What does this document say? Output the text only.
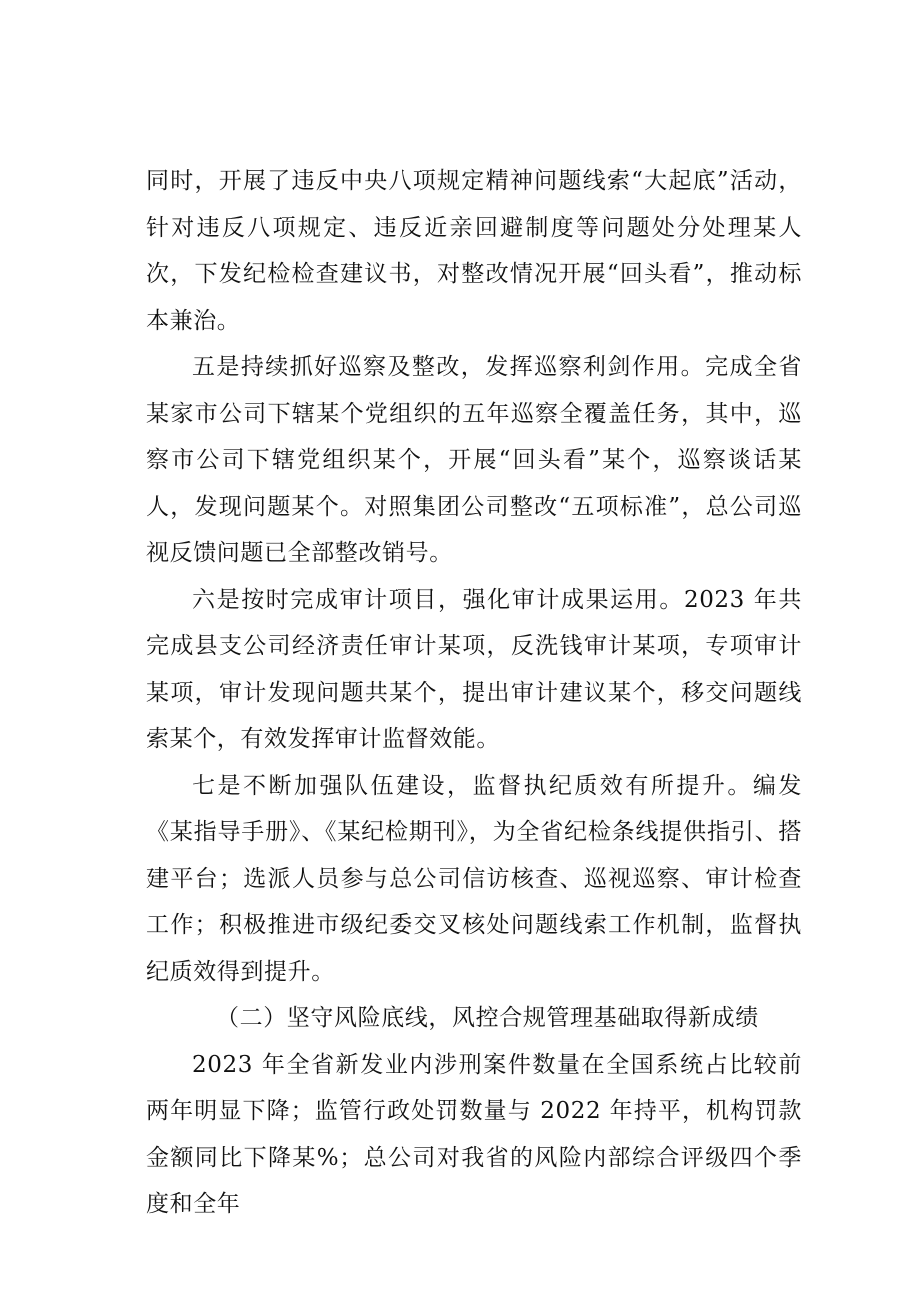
同时，开展了违反中央八项规定精神问题线索“大起底”活动，针对违反八项规定、违反近亲回避制度等问题处分处理某人次，下发纪检检查建议书，对整改情况开展“回头看”，推动标本兼治。

五是持续抓好巡察及整改，发挥巡察利剑作用。完成全省某家市公司下辖某个党组织的五年巡察全覆盖任务，其中，巡察市公司下辖党组织某个，开展“回头看”某个，巡察谈话某人，发现问题某个。对照集团公司整改“五项标准”，总公司巡视反馈问题已全部整改销号。

六是按时完成审计项目，强化审计成果运用。2023 年共完成县支公司经济责任审计某项，反洗钱审计某项，专项审计某项，审计发现问题共某个，提出审计建议某个，移交问题线索某个，有效发挥审计监督效能。

七是不断加强队伍建设，监督执纪质效有所提升。编发《某指导手册》、《某纪检期刊》，为全省纪检条线提供指引、搭建平台；选派人员参与总公司信访核查、巡视巡察、审计检查工作；积极推进市级纪委交叉核处问题线索工作机制，监督执纪质效得到提升。

（二）坚守风险底线，风控合规管理基础取得新成绩

2023 年全省新发业内涉刑案件数量在全国系统占比较前两年明显下降；监管行政处罚数量与 2022 年持平，机构罚款金额同比下降某%；总公司对我省的风险内部综合评级四个季度和全年
